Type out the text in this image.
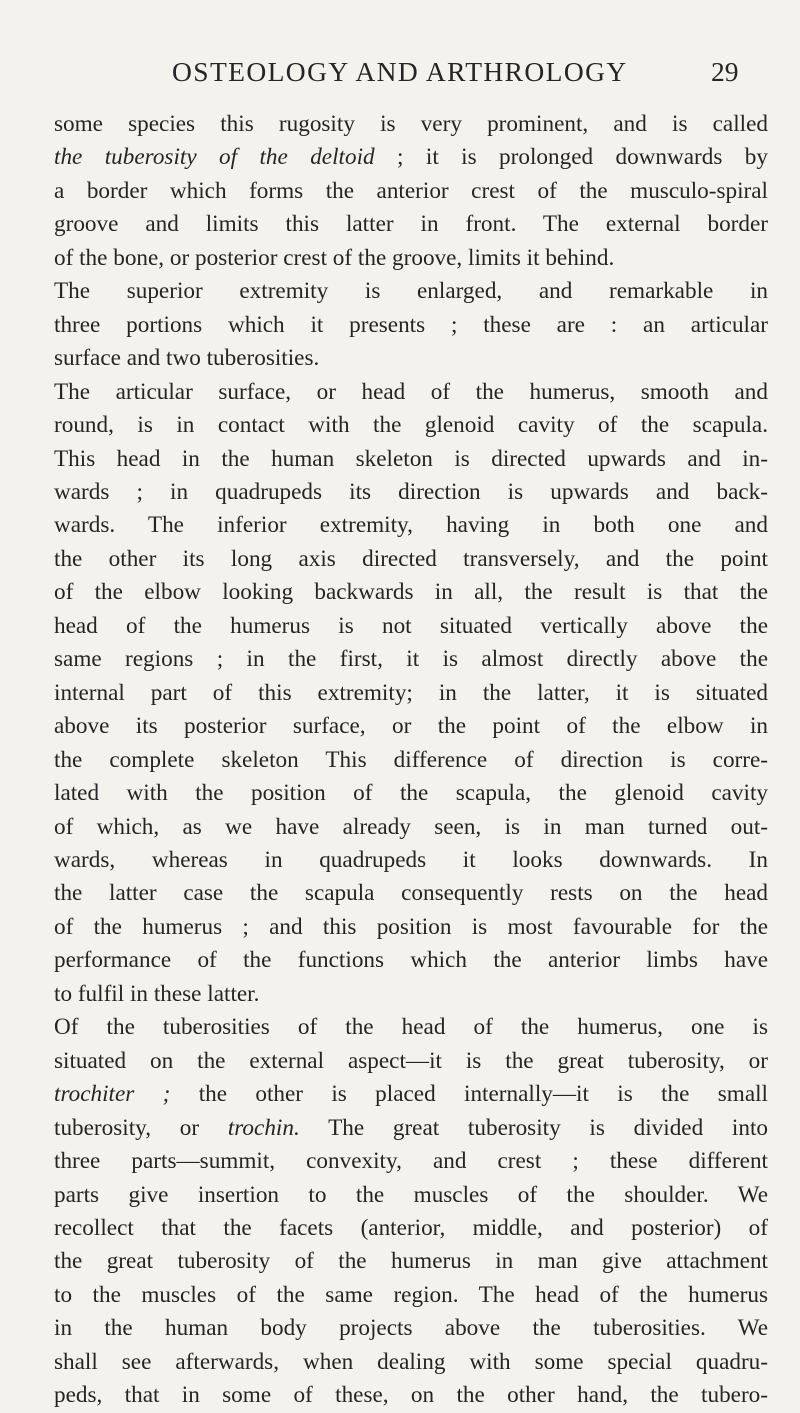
OSTEOLOGY AND ARTHROLOGY	29

some species this rugosity is very prominent, and is called
the tuberosity of the deltoid ; it is prolonged downwards by
a border which forms the anterior crest of the musculo-spiral
groove and limits this latter in front. The external border
of the bone, or posterior crest of the groove, limits it behind.

The superior extremity is enlarged, and remarkable in
three portions which it presents ; these are : an articular
surface and two tuberosities.

The articular surface, or head of the humerus, smooth and
round, is in contact with the glenoid cavity of the scapula.
This head in the human skeleton is directed upwards and in-
wards ; in quadrupeds its direction is upwards and back-
wards. The inferior extremity, having in both one and
the other its long axis directed transversely, and the point
of the elbow looking backwards in all, the result is that the
head of the humerus is not situated vertically above the
same regions ; in the first, it is almost directly above the
internal part of this extremity; in the latter, it is situated
above its posterior surface, or the point of the elbow in
the complete skeleton This difference of direction is corre-
lated with the position of the scapula, the glenoid cavity
of which, as we have already seen, is in man turned out-
wards, whereas in quadrupeds it looks downwards. In
the latter case the scapula consequently rests on the head
of the humerus ; and this position is most favourable for the
performance of the functions which the anterior limbs have
to fulfil in these latter.

Of the tuberosities of the head of the humerus, one is
situated on the external aspect—it is the great tuberosity, or
trochiter ; the other is placed internally—it is the small
tuberosity, or trochin. The great tuberosity is divided into
three parts—summit, convexity, and crest ; these different
parts give insertion to the muscles of the shoulder. We
recollect that the facets (anterior, middle, and posterior) of
the great tuberosity of the humerus in man give attachment
to the muscles of the same region. The head of the humerus
in the human body projects above the tuberosities. We
shall see afterwards, when dealing with some special quadru-
peds, that in some of these, on the other hand, the tubero-
